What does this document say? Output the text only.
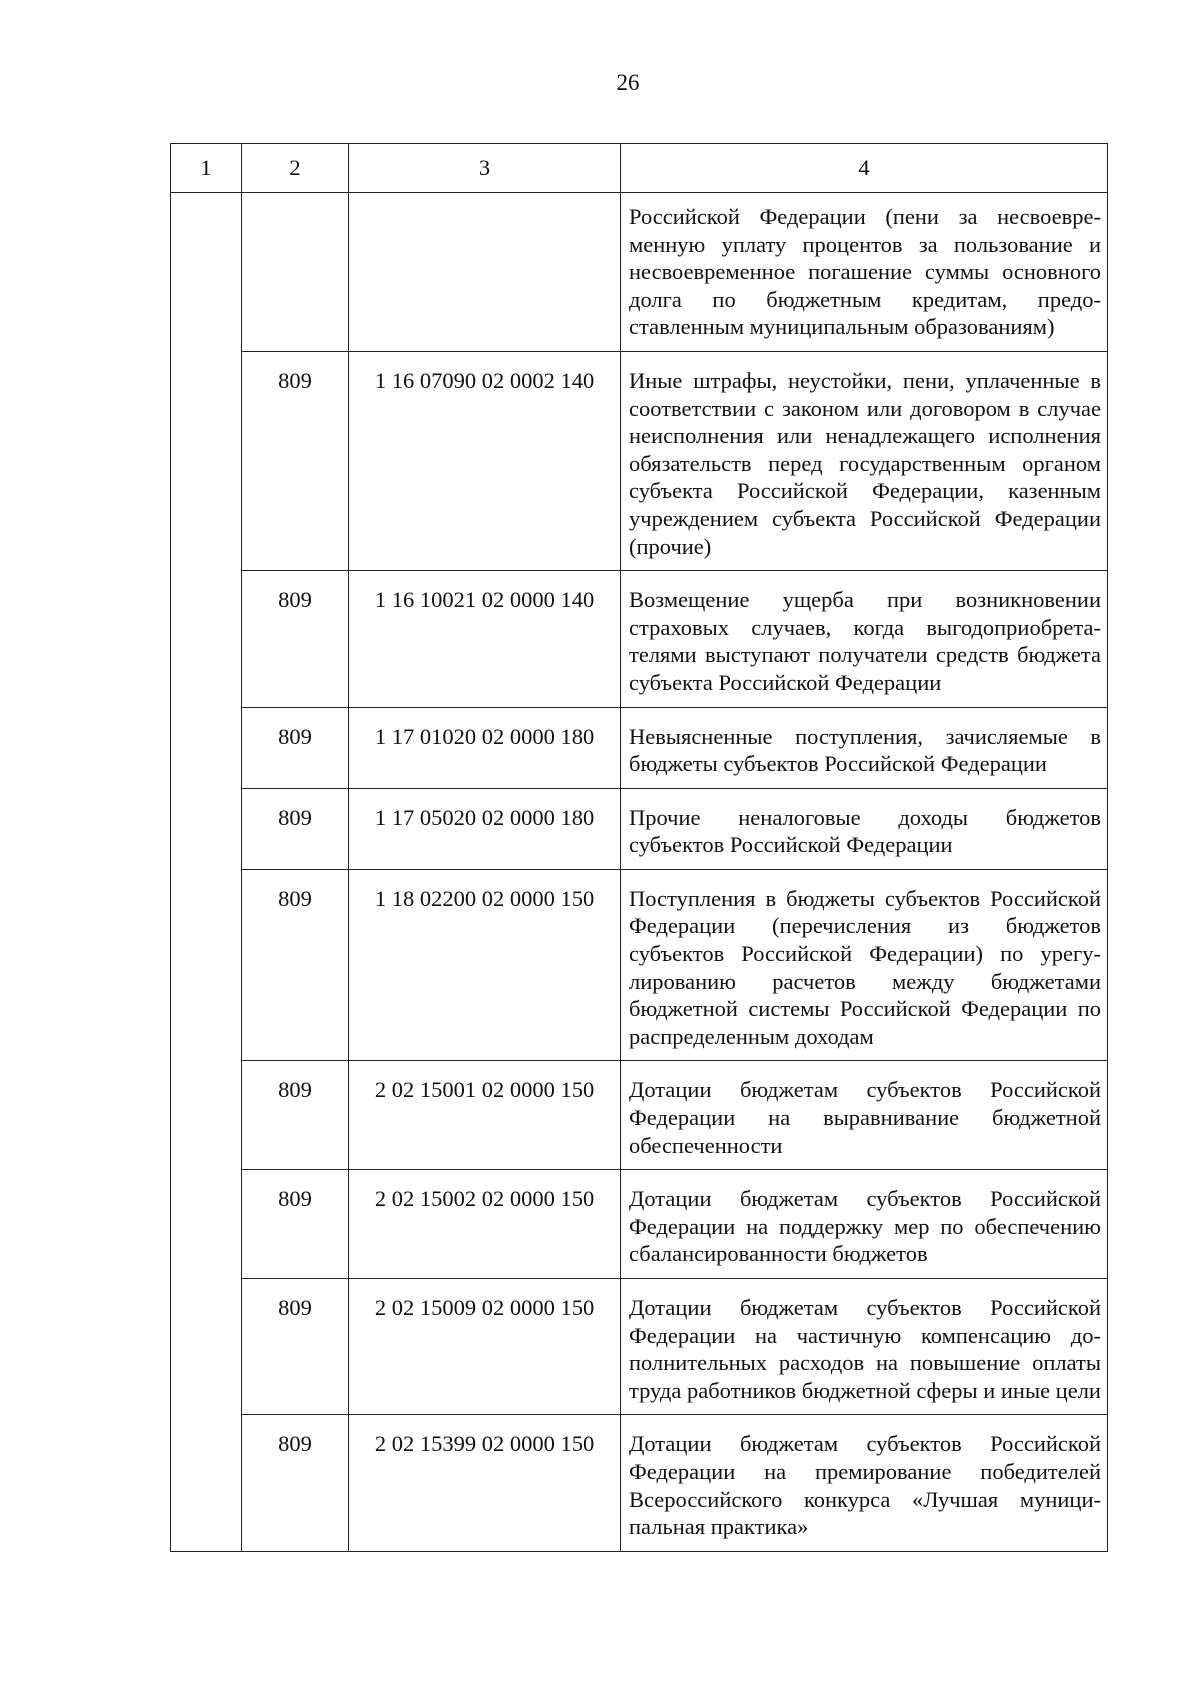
26
1	2	3	4
			Российской Федерации (пени за несвоевременную уплату процентов за пользование и несвоевременное погашение суммы основного долга по бюджетным кредитам, предоставленным муниципальным образованиям)
	809	1 16 07090 02 0002 140	Иные штрафы, неустойки, пени, уплаченные в соответствии с законом или договором в случае неисполнения или ненадлежащего исполнения обязательств перед государственным органом субъекта Российской Федерации, казенным учреждением субъекта Российской Федерации (прочие)
	809	1 16 10021 02 0000 140	Возмещение ущерба при возникновении страховых случаев, когда выгодоприобретателями выступают получатели средств бюджета субъекта Российской Федерации
	809	1 17 01020 02 0000 180	Невыясненные поступления, зачисляемые в бюджеты субъектов Российской Федерации
	809	1 17 05020 02 0000 180	Прочие неналоговые доходы бюджетов субъектов Российской Федерации
	809	1 18 02200 02 0000 150	Поступления в бюджеты субъектов Российской Федерации (перечисления из бюджетов субъектов Российской Федерации) по урегулированию расчетов между бюджетами бюджетной системы Российской Федерации по распределенным доходам
	809	2 02 15001 02 0000 150	Дотации бюджетам субъектов Российской Федерации на выравнивание бюджетной обеспеченности
	809	2 02 15002 02 0000 150	Дотации бюджетам субъектов Российской Федерации на поддержку мер по обеспечению сбалансированности бюджетов
	809	2 02 15009 02 0000 150	Дотации бюджетам субъектов Российской Федерации на частичную компенсацию дополнительных расходов на повышение оплаты труда работников бюджетной сферы и иные цели
	809	2 02 15399 02 0000 150	Дотации бюджетам субъектов Российской Федерации на премирование победителей Всероссийского конкурса «Лучшая муниципальная практика»
